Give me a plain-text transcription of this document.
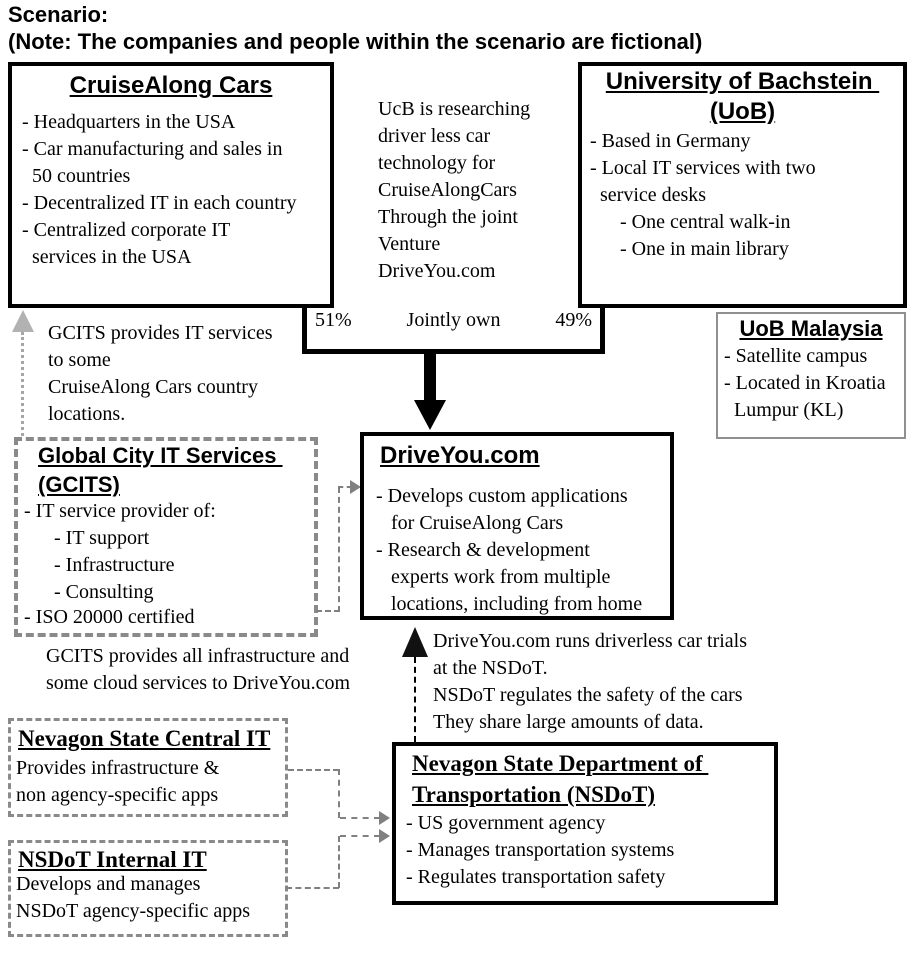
Scenario:
(Note: The companies and people within the scenario are fictional)
CruiseAlong Cars
- Headquarters in the USA
- Car manufacturing and sales in
50 countries
- Decentralized IT in each country
- Centralized corporate IT
services in the USA
UcB is researching
driver less car
technology for
CruiseAlongCars
Through the joint
Venture
DriveYou.com
University of Bachstein
(UoB)
- Based in Germany
- Local IT services with two
service desks
- One central walk-in
- One in main library
51%	Jointly own	49%
GCITS provides IT services
to some
CruiseAlong Cars country
locations.
UoB Malaysia
- Satellite campus
- Located in Kroatia
Lumpur (KL)
Global City IT Services
(GCITS)
- IT service provider of:
- IT support
- Infrastructure
- Consulting
- ISO 20000 certified
DriveYou.com
- Develops custom applications
for CruiseAlong Cars
- Research & development
experts work from multiple
locations, including from home
GCITS provides all infrastructure and
some cloud services to DriveYou.com
DriveYou.com runs driverless car trials
at the NSDoT.
NSDoT regulates the safety of the cars
They share large amounts of data.
Nevagon State Central IT
Provides infrastructure &
non agency-specific apps
NSDoT Internal IT
Develops and manages
NSDoT agency-specific apps
Nevagon State Department of
Transportation (NSDoT)
- US government agency
- Manages transportation systems
- Regulates transportation safety
